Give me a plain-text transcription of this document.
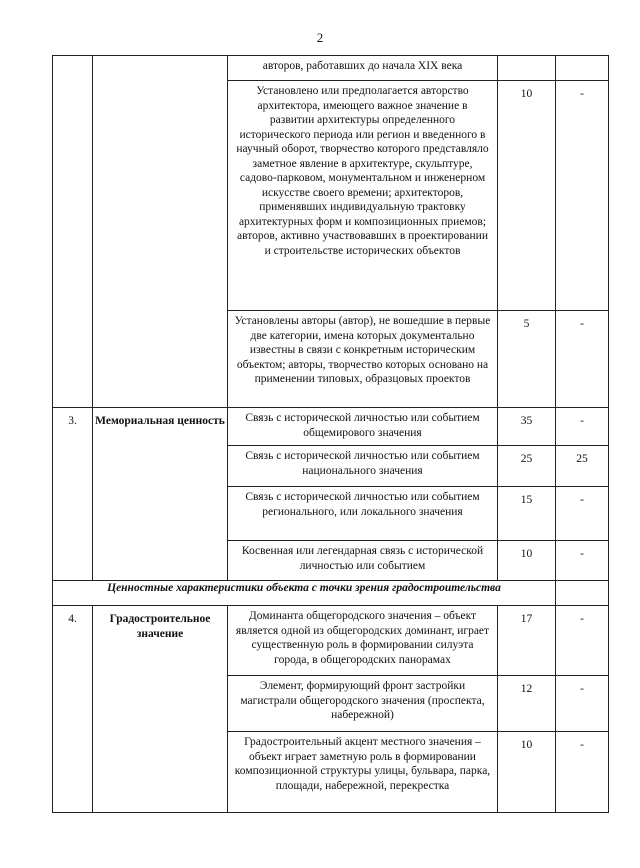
2
		авторов, работавших до начала XIX века		
		Установлено или предполагается авторство архитектора, имеющего важное значение в развитии архитектуры определенного исторического периода или регион и введенного в научный оборот, творчество которого представляло заметное явление в архитектуре, скульптуре, садово-парковом, монументальном и инженерном искусстве своего времени; архитекторов, применявших индивидуальную трактовку архитектурных форм и композиционных приемов; авторов, активно участвовавших в проектировании и строительстве исторических объектов	10	-
		Установлены авторы (автор), не вошедшие в первые две категории, имена которых документально известны в связи с конкретным историческим объектом; авторы, творчество которых основано на применении типовых, образцовых проектов	5	-
3.	Мемориальная ценность	Связь с исторической личностью или событием общемирового значения	35	-
		Связь с исторической личностью или событием национального значения	25	25
		Связь с исторической личностью или событием регионального, или локального значения	15	-
		Косвенная или легендарная связь с исторической личностью или событием	10	-
Ценностные характеристики объекта с точки зрения градостроительства				
4.	Градостроительное значение	Доминанта общегородского значения – объект является одной из общегородских доминант, играет существенную роль в формировании силуэта города, в общегородских панорамах	17	-
		Элемент, формирующий фронт застройки магистрали общегородского значения (проспекта, набережной)	12	-
		Градостроительный акцент местного значения – объект играет заметную роль в формировании композиционной структуры улицы, бульвара, парка, площади, набережной, перекрестка	10	-
